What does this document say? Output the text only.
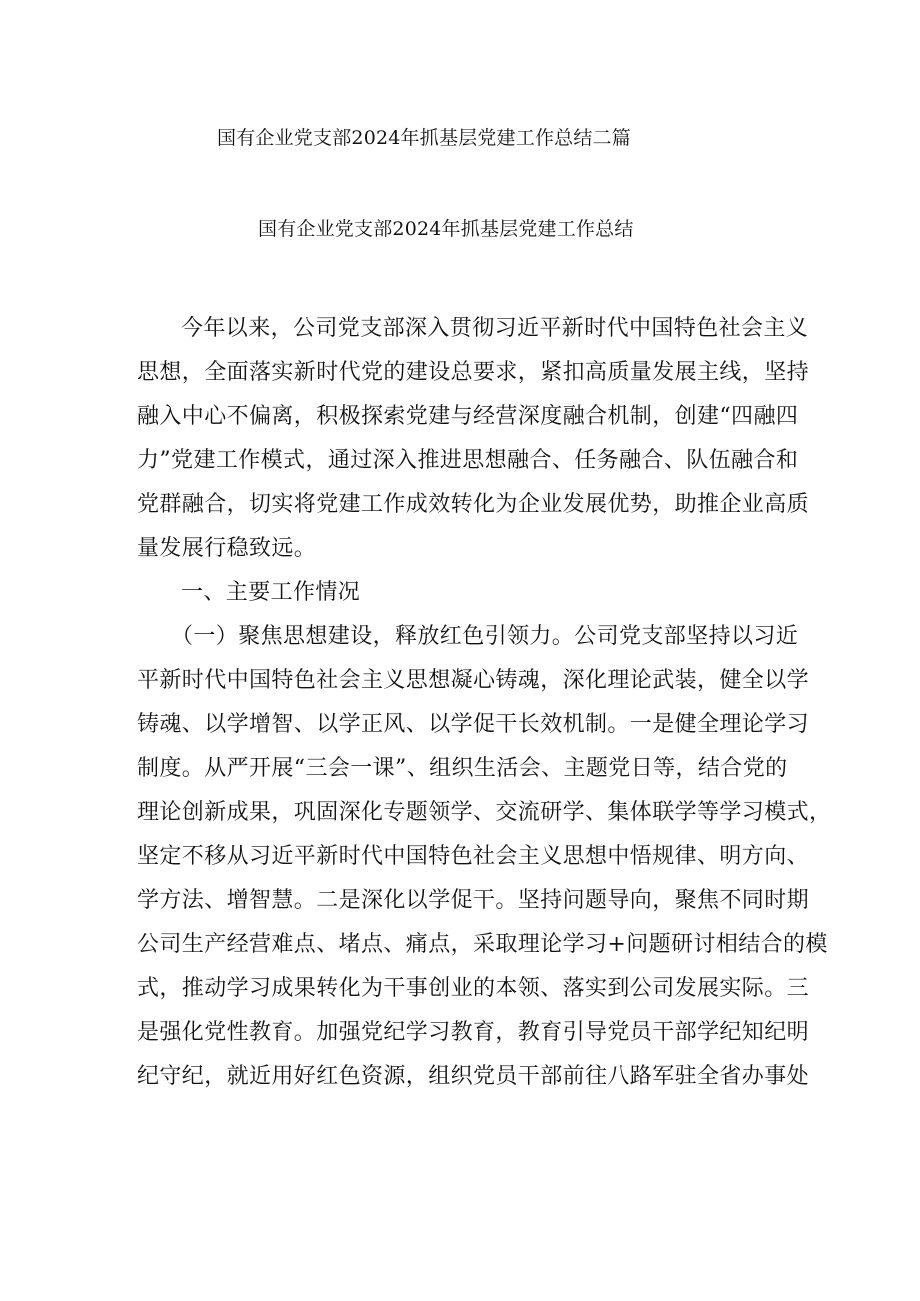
国有企业党支部2024年抓基层党建工作总结二篇
国有企业党支部2024年抓基层党建工作总结
今年以来，公司党支部深入贯彻习近平新时代中国特色社会主义
思想，全面落实新时代党的建设总要求，紧扣高质量发展主线，坚持
融入中心不偏离，积极探索党建与经营深度融合机制，创建“四融四
力”党建工作模式，通过深入推进思想融合、任务融合、队伍融合和
党群融合，切实将党建工作成效转化为企业发展优势，助推企业高质
量发展行稳致远。
一、主要工作情况
（一）聚焦思想建设，释放红色引领力。公司党支部坚持以习近
平新时代中国特色社会主义思想凝心铸魂，深化理论武装，健全以学
铸魂、以学增智、以学正风、以学促干长效机制。一是健全理论学习
制度。从严开展“三会一课”、组织生活会、主题党日等，结合党的
理论创新成果，巩固深化专题领学、交流研学、集体联学等学习模式，
坚定不移从习近平新时代中国特色社会主义思想中悟规律、明方向、
学方法、增智慧。二是深化以学促干。坚持问题导向，聚焦不同时期
公司生产经营难点、堵点、痛点，采取理论学习+问题研讨相结合的模
式，推动学习成果转化为干事创业的本领、落实到公司发展实际。三
是强化党性教育。加强党纪学习教育，教育引导党员干部学纪知纪明
纪守纪，就近用好红色资源，组织党员干部前往八路军驻全省办事处
